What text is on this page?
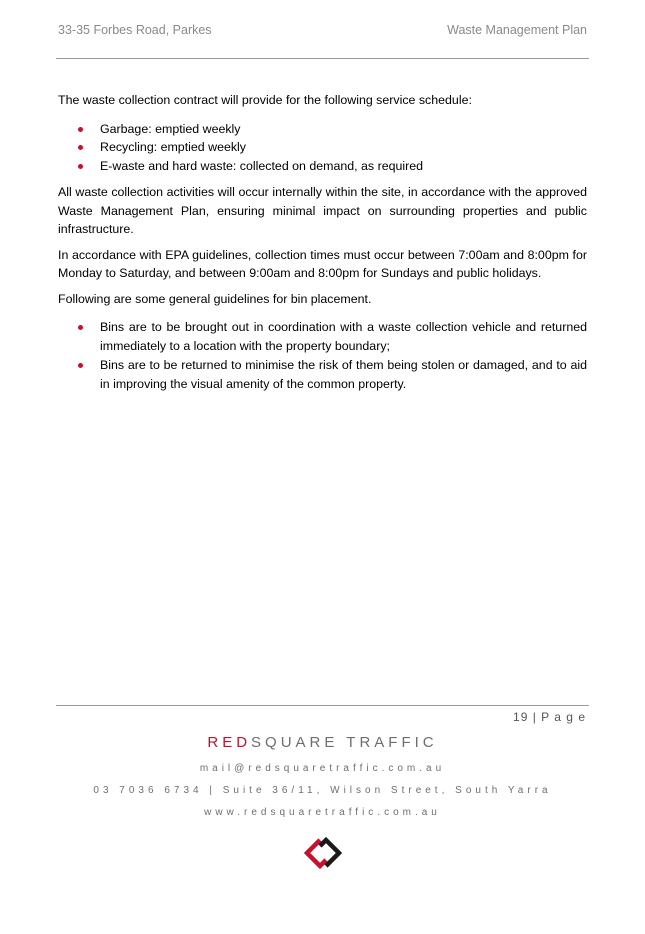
33-35 Forbes Road, Parkes	Waste Management Plan

The waste collection contract will provide for the following service schedule:

Garbage: emptied weekly
Recycling: emptied weekly
E-waste and hard waste: collected on demand, as required

All waste collection activities will occur internally within the site, in accordance with the approved Waste Management Plan, ensuring minimal impact on surrounding properties and public infrastructure.

In accordance with EPA guidelines, collection times must occur between 7:00am and 8:00pm for Monday to Saturday, and between 9:00am and 8:00pm for Sundays and public holidays.

Following are some general guidelines for bin placement.

Bins are to be brought out in coordination with a waste collection vehicle and returned immediately to a location with the property boundary;
Bins are to be returned to minimise the risk of them being stolen or damaged, and to aid in improving the visual amenity of the common property.
19 | P a g e
REDSQUARE TRAFFIC
mail@redsquaretraffic.com.au
03 7036 6734 | Suite 36/11, Wilson Street, South Yarra
www.redsquaretraffic.com.au
